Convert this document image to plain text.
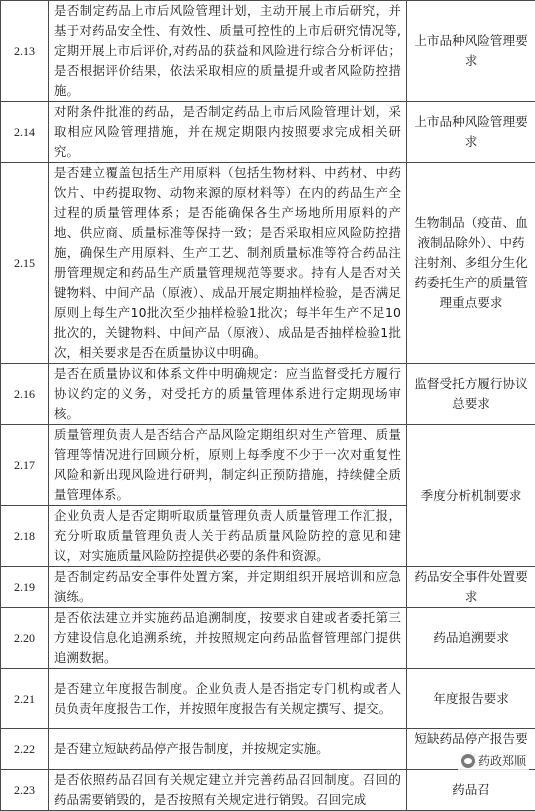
2.13	是否制定药品上市后风险管理计划，主动开展上市后研究，并基于对药品安全性、有效性、质量可控性的上市后研究情况等,定期开展上市后评价,对药品的获益和风险进行综合分析评估；是否根据评价结果，依法采取相应的质量提升或者风险防控措施。	上市品种风险管理要求
2.14	对附条件批准的药品，是否制定药品上市后风险管理计划，采取相应风险管理措施，并在规定期限内按照要求完成相关研究。	上市品种风险管理要求
2.15	是否建立覆盖包括生产用原料（包括生物材料、中药材、中药饮片、中药提取物、动物来源的原材料等）在内的药品生产全过程的质量管理体系；是否能确保各生产场地所用原料的产地、供应商、质量标准等保持一致；是否采取相应风险防控措施，确保生产用原料、生产工艺、制剂质量标准等符合药品注册管理规定和药品生产质量管理规范等要求。持有人是否对关键物料、中间产品（原液）、成品开展定期抽样检验，是否满足原则上每生产10批次至少抽样检验1批次；每半年生产不足10批次的，关键物料、中间产品（原液）、成品是否抽样检验1批次，相关要求是否在质量协议中明确。	生物制品（疫苗、血液制品除外）、中药注射剂、多组分生化药委托生产的质量管理重点要求
2.16	是否在质量协议和体系文件中明确规定：应当监督受托方履行协议约定的义务，对受托方的质量管理体系进行定期现场审核。	监督受托方履行协议总要求
2.17	质量管理负责人是否结合产品风险定期组织对生产管理、质量管理等情况进行回顾分析，原则上每季度不少于一次对重复性风险和新出现风险进行研判，制定纠正预防措施，持续健全质量管理体系。	季度分析机制要求
2.18	企业负责人是否定期听取质量管理负责人质量管理工作汇报，充分听取质量管理负责人关于药品质量风险防控的意见和建议，对实施质量风险防控提供必要的条件和资源。	
2.19	是否制定药品安全事件处置方案，并定期组织开展培训和应急演练。	药品安全事件处置要求
2.20	是否依法建立并实施药品追溯制度，按要求自建或者委托第三方建设信息化追溯系统，并按照规定向药品监督管理部门提供追溯数据。	药品追溯要求
2.21	是否建立年度报告制度。企业负责人是否指定专门机构或者人员负责年度报告工作，并按照年度报告有关规定撰写、提交。	年度报告要求
2.22	是否建立短缺药品停产报告制度，并按规定实施。	短缺药品停产报告要
2.23	是否依照药品召回有关规定建立并完善药品召回制度。召回的药品需要销毁的，是否按照有关规定进行销毁。召回完成	药品召
药政郑顺
